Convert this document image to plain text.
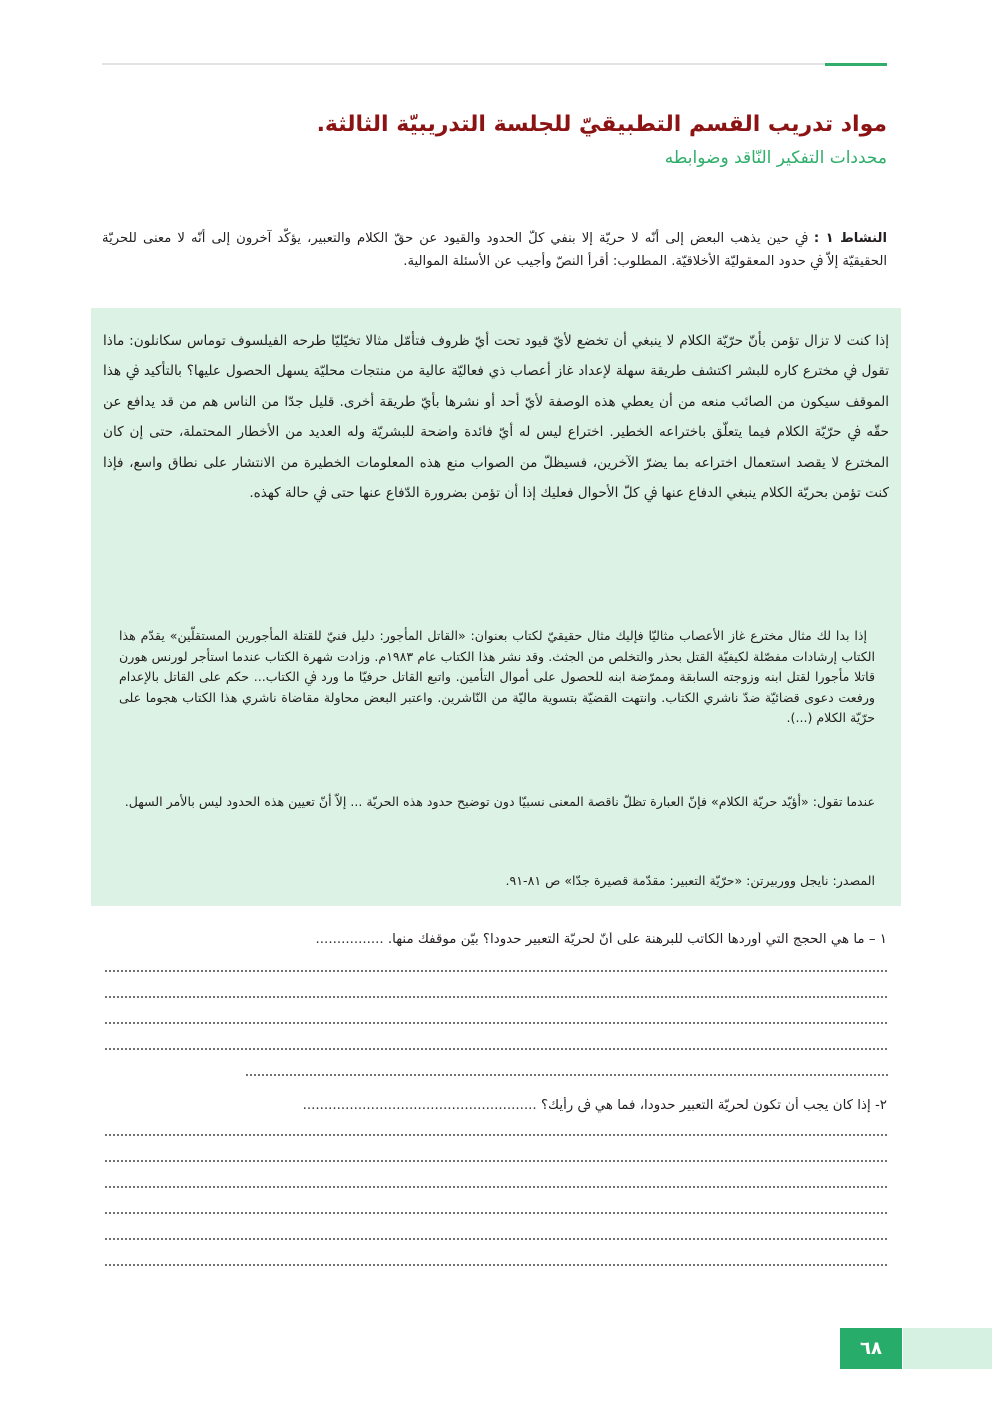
مواد تدريب القسم التطبيقيّ للجلسة التدريبيّة الثالثة.
محددات التفكير النّاقد وضوابطه
النشاط ١ : ﰲ حين يذهب البعض إلى أنّه لا حريّة إلا بنفي كلّ الحدود والقيود عن حقّ الكلام والتعبير، يؤكّد آخرون إلى أنّه لا معنى للحريّة الحقيقيّة إلاّ ﰲ حدود المعقوليّة الأخلاقيّة. المطلوب: أقرأ النصّ وأجيب عن الأسئلة الموالية.
إذا كنت لا تزال تؤمن بأنّ حرّيّة الكلام لا ينبغي أن تخضع لأيّ قيود تحت أيّ ظروف فتأمّل مثالا تخيّليّا طرحه الفيلسوف توماس سكانلون: ماذا تقول ﰲ مخترع كاره للبشر اكتشف طريقة سهلة لإعداد غاز أعصاب ذي فعاليّة عالية من منتجات محليّة يسهل الحصول عليها؟ بالتأكيد ﰲ هذا الموقف سيكون من الصائب منعه من أن يعطي هذه الوصفة لأيّ أحد أو نشرها بأيّ طريقة أخرى. قليل جدّا من الناس هم من قد يدافع عن حقّه ﰲ حرّيّة الكلام فيما يتعلّق باختراعه الخطير. اختراع ليس له أيّ فائدة واضحة للبشريّة وله العديد من الأخطار المحتملة، حتى إن كان المخترع لا يقصد استعمال اختراعه بما يضرّ الآخرين، فسيظلّ من الصواب منع هذه المعلومات الخطيرة من الانتشار على نطاق واسع، فإذا كنت تؤمن بحريّة الكلام ينبغي الدفاع عنها ﰲ كلّ الأحوال فعليك إذا أن تؤمن بضرورة الدّفاع عنها حتى ﰲ حالة كهذه.
إذا بدا لك مثال مخترع غاز الأعصاب مثاليّا فإليك مثال حقيقيّ لكتاب بعنوان: «القاتل المأجور: دليل فنيّ للقتلة المأجورين المستقلّين» يقدّم هذا الكتاب إرشادات مفصّلة لكيفيّة القتل بحذر والتخلص من الجثث. وقد نشر هذا الكتاب عام ١٩٨٣م. وزادت شهرة الكتاب عندما استأجر لورنس هورن قاتلا مأجورا لقتل ابنه وزوجته السابقة وممرّضة ابنه للحصول على أموال التأمين. واتبع القاتل حرفيّا ما ورد ﰲ الكتاب... حكم على القاتل بالإعدام ورفعت دعوى قضائيّة ضدّ ناشري الكتاب. وانتهت القضيّة بتسوية ماليّة من النّاشرين. واعتبر البعض محاولة مقاضاة ناشري هذا الكتاب هجوما على حرّيّة الكلام (...).
عندما تقول: «أؤيّد حريّة الكلام» فإنّ العبارة تظلّ ناقصة المعنى نسبيّا دون توضيح حدود هذه الحريّة ... إلاّ أنّ تعيين هذه الحدود ليس بالأمر السهل.
المصدر: نايجل ووربيرتن: «حرّيّة التعبير: مقدّمة قصيرة جدّا» ص ٨١-٩١.
١ – ما هي الحجج التي أوردها الكاتب للبرهنة على أنّ لحريّة التعبير حدودا؟ بيّن موقفك منها. ................
٢- إذا كان يجب أن تكون لحريّة التعبير حدودا، فما هي ﰲ رأيك؟ .......................................................
٦٨
